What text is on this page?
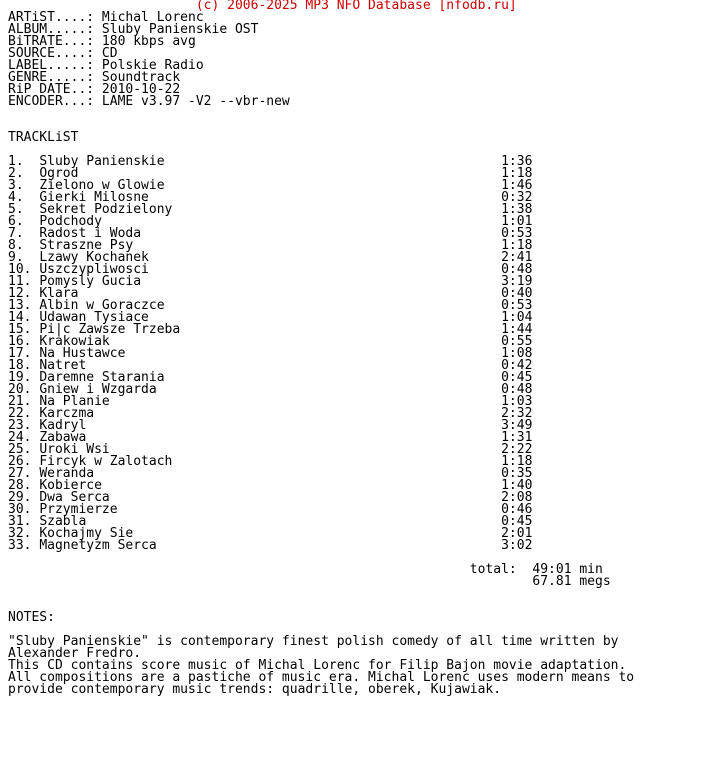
(c) 2006-2025 MP3 NFO Database [nfodb.ru]
ARTiST....: Michal Lorenc
ALBUM.....: Sluby Panienskie OST
BiTRATE...: 180 kbps avg
SOURCE....: CD
LABEL.....: Polskie Radio
GENRE.....: Soundtrack
RiP DATE..: 2010-10-22
ENCODER...: LAME v3.97 -V2 --vbr-new

TRACKLiST

1.  Sluby Panienskie                                           1:36
2.  Ogrod                                                      1:18
3.  Zielono w Glowie                                           1:46
4.  Gierki Milosne                                             0:32
5.  Sekret Podzielony                                          1:38
6.  Podchody                                                   1:01
7.  Radost i Woda                                              0:53
8.  Straszne Psy                                               1:18
9.  Lzawy Kochanek                                             2:41
10. Uszczypliwosci                                             0:48
11. Pomysly Gucia                                              3:19
12. Klara                                                      0:40
13. Albin w Goraczce                                           0:53
14. Udawan Tysiace                                             1:04
15. Pi|c Zawsze Trzeba                                         1:44
16. Krakowiak                                                  0:55
17. Na Hustawce                                                1:08
18. Natret                                                     0:42
19. Daremne Starania                                           0:45
20. Gniew i Wzgarda                                            0:48
21. Na Planie                                                  1:03
22. Karczma                                                    2:32
23. Kadryl                                                     3:49
24. Zabawa                                                     1:31
25. Uroki Wsi                                                  2:22
26. Fircyk w Zalotach                                          1:18
27. Weranda                                                    0:35
28. Kobierce                                                   1:40
29. Dwa Serca                                                  2:08
30. Przymierze                                                 0:46
31. Szabla                                                     0:45
32. Kochajmy Sie                                               2:01
33. Magnetyzm Serca                                            3:02

total:  49:01 min
67.81 megs

NOTES:

"Sluby Panienskie" is contemporary finest polish comedy of all time written by
Alexander Fredro.
This CD contains score music of Michal Lorenc for Filip Bajon movie adaptation.
All compositions are a pastiche of music era. Michal Lorenc uses modern means to
provide contemporary music trends: quadrille, oberek, Kujawiak.
